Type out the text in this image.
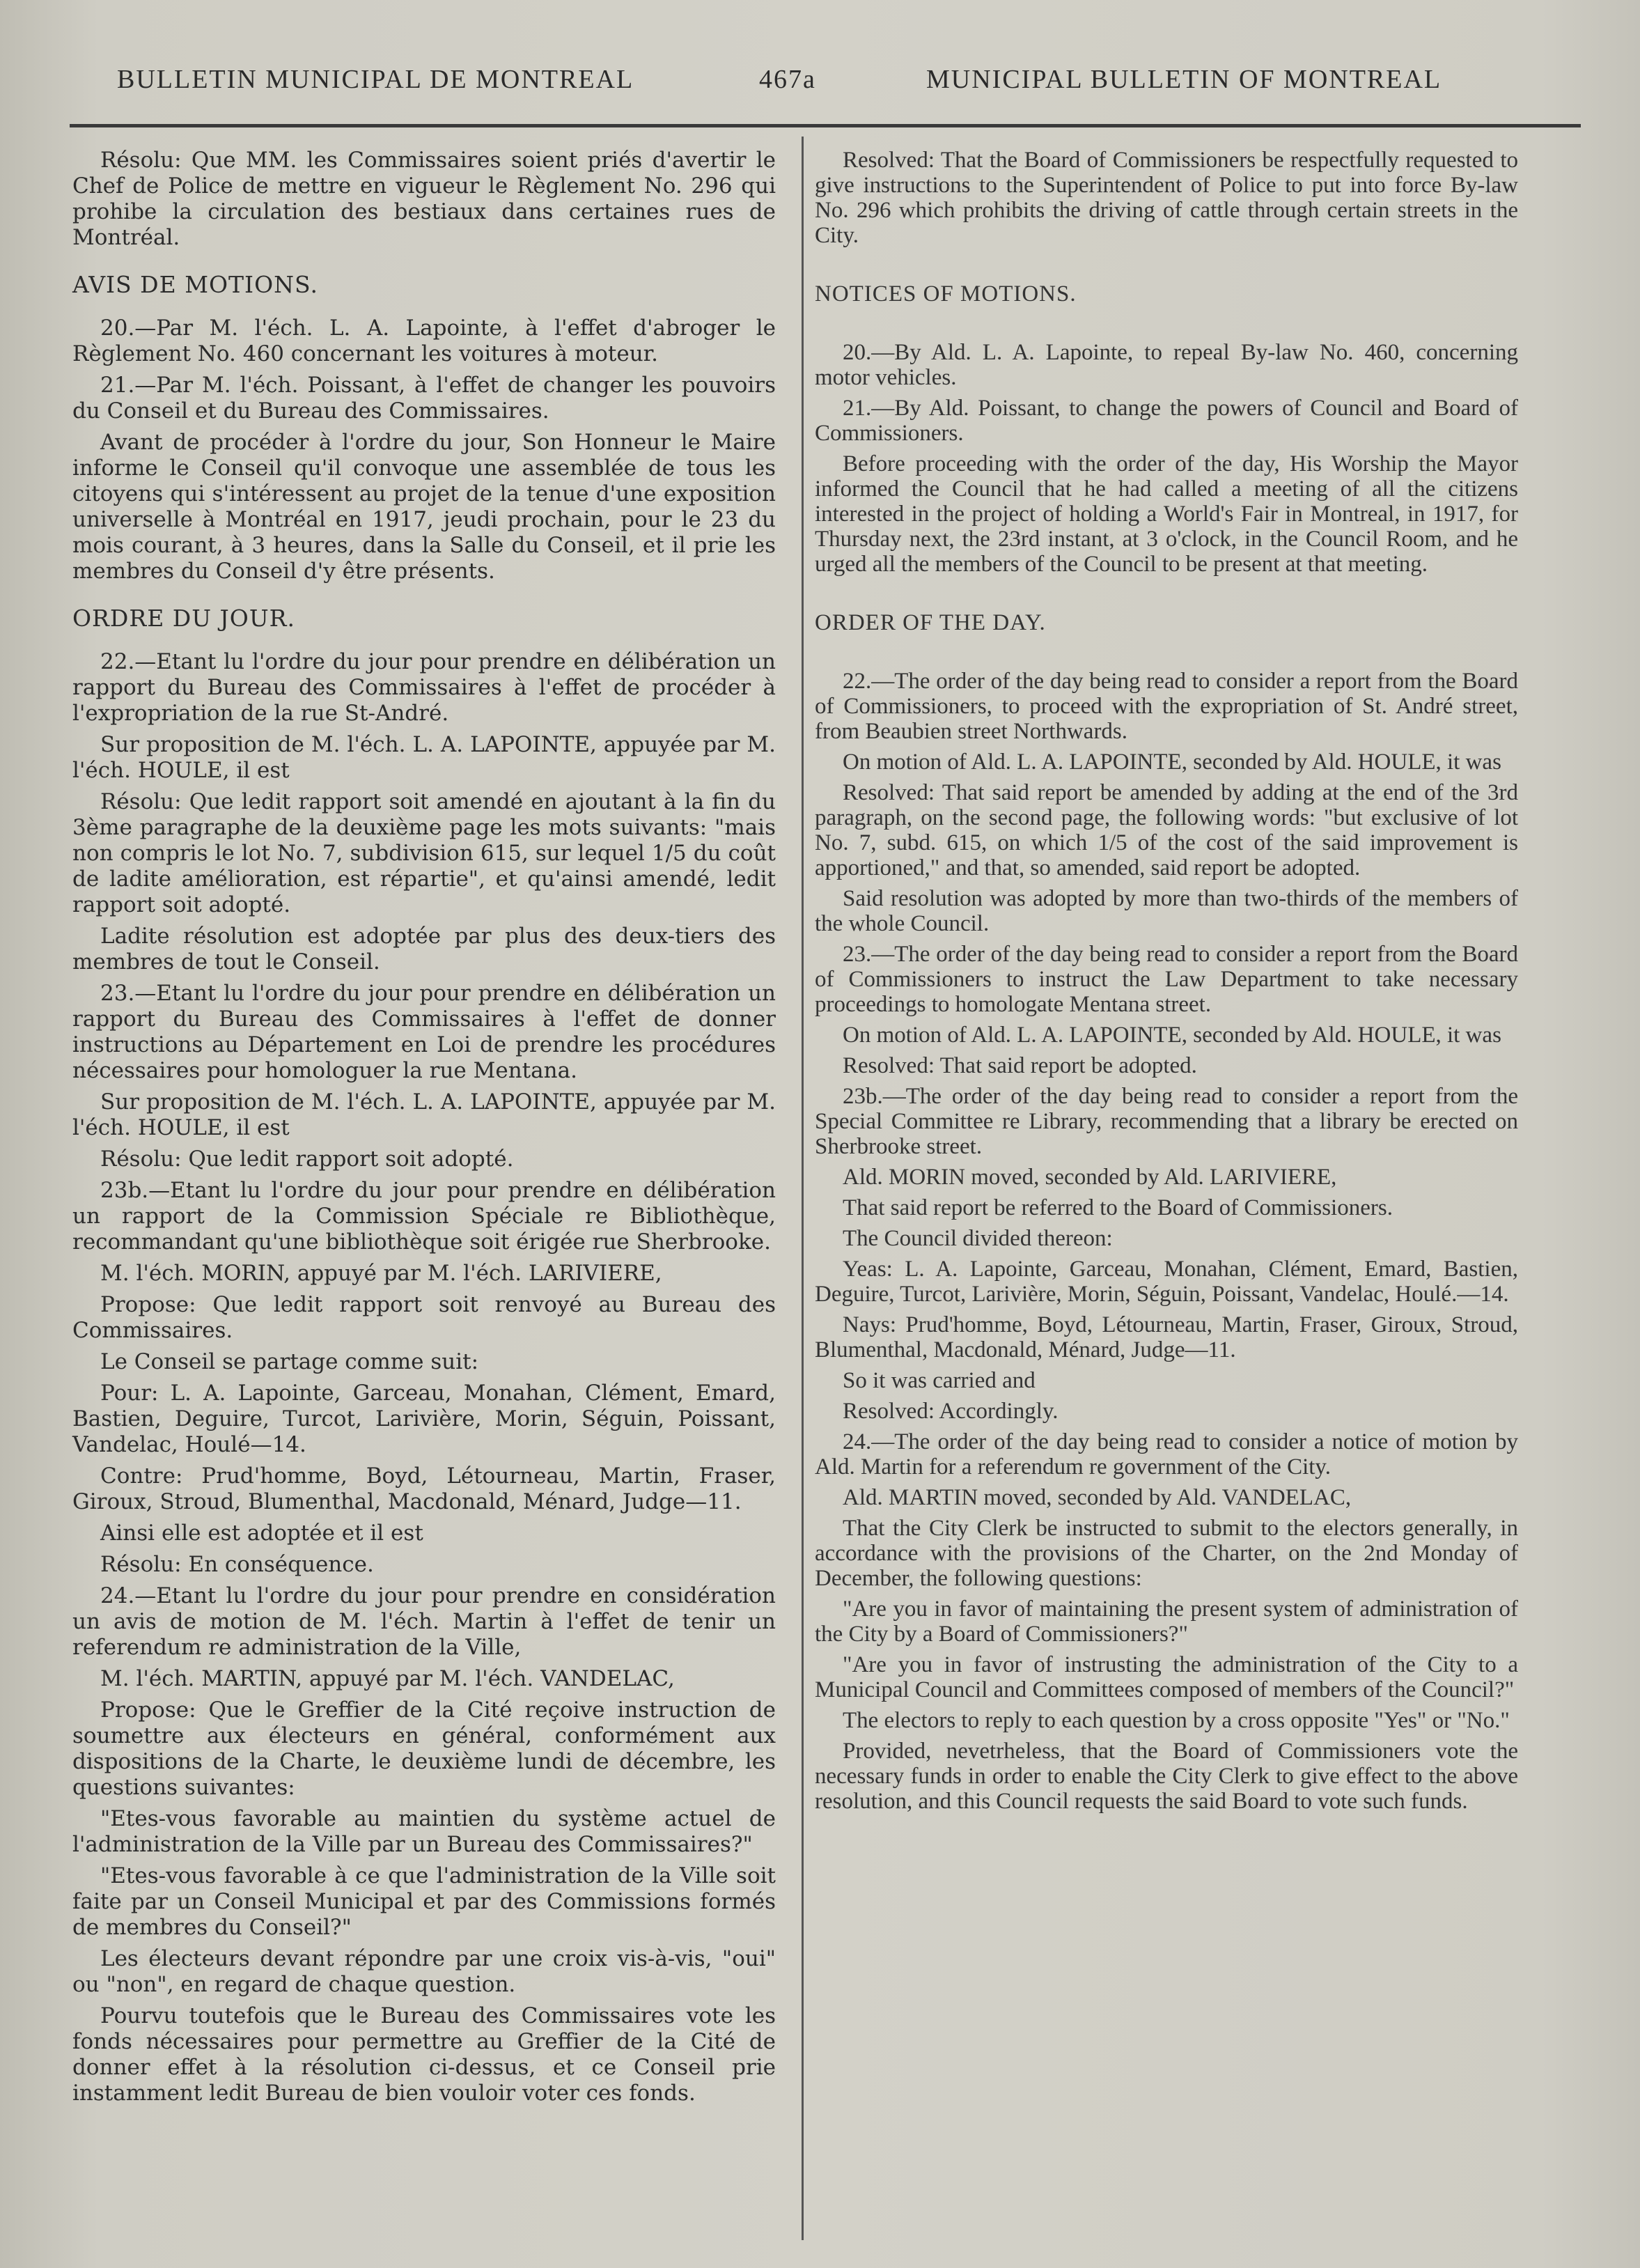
BULLETIN MUNICIPAL DE MONTREAL	467a	MUNICIPAL BULLETIN OF MONTREAL

Résolu: Que MM. les Commissaires soient priés d'avertir le Chef de Police de mettre en vigueur le Règlement No. 296 qui prohibe la circulation des bestiaux dans certaines rues de Montréal.

AVIS DE MOTIONS.

20.—Par M. l'éch. L. A. Lapointe, à l'effet d'abroger le Règlement No. 460 concernant les voitures à moteur.

21.—Par M. l'éch. Poissant, à l'effet de changer les pouvoirs du Conseil et du Bureau des Commissaires.

Avant de procéder à l'ordre du jour, Son Honneur le Maire informe le Conseil qu'il convoque une assemblée de tous les citoyens qui s'intéressent au projet de la tenue d'une exposition universelle à Montréal en 1917, jeudi prochain, pour le 23 du mois courant, à 3 heures, dans la Salle du Conseil, et il prie les membres du Conseil d'y être présents.

ORDRE DU JOUR.

22.—Etant lu l'ordre du jour pour prendre en délibération un rapport du Bureau des Commissaires à l'effet de procéder à l'expropriation de la rue St-André.

Sur proposition de M. l'éch. L. A. LAPOINTE, appuyée par M. l'éch. HOULE, il est

Résolu: Que ledit rapport soit amendé en ajoutant à la fin du 3ème paragraphe de la deuxième page les mots suivants: "mais non compris le lot No. 7, subdivision 615, sur lequel 1/5 du coût de ladite amélioration, est répartie", et qu'ainsi amendé, ledit rapport soit adopté.

Ladite résolution est adoptée par plus des deux-tiers des membres de tout le Conseil.

23.—Etant lu l'ordre du jour pour prendre en délibération un rapport du Bureau des Commissaires à l'effet de donner instructions au Département en Loi de prendre les procédures nécessaires pour homologuer la rue Mentana.

Sur proposition de M. l'éch. L. A. LAPOINTE, appuyée par M. l'éch. HOULE, il est

Résolu: Que ledit rapport soit adopté.

23b.—Etant lu l'ordre du jour pour prendre en délibération un rapport de la Commission Spéciale re Bibliothèque, recommandant qu'une bibliothèque soit érigée rue Sherbrooke.

M. l'éch. MORIN, appuyé par M. l'éch. LARIVIERE,

Propose: Que ledit rapport soit renvoyé au Bureau des Commissaires.

Le Conseil se partage comme suit:

Pour: L. A. Lapointe, Garceau, Monahan, Clément, Emard, Bastien, Deguire, Turcot, Larivière, Morin, Séguin, Poissant, Vandelac, Houlé—14.

Contre: Prud'homme, Boyd, Létourneau, Martin, Fraser, Giroux, Stroud, Blumenthal, Macdonald, Ménard, Judge—11.

Ainsi elle est adoptée et il est

Résolu: En conséquence.

24.—Etant lu l'ordre du jour pour prendre en considération un avis de motion de M. l'éch. Martin à l'effet de tenir un referendum re administration de la Ville,

M. l'éch. MARTIN, appuyé par M. l'éch. VANDELAC,

Propose: Que le Greffier de la Cité reçoive instruction de soumettre aux électeurs en général, conformément aux dispositions de la Charte, le deuxième lundi de décembre, les questions suivantes:

"Etes-vous favorable au maintien du système actuel de l'administration de la Ville par un Bureau des Commissaires?"

"Etes-vous favorable à ce que l'administration de la Ville soit faite par un Conseil Municipal et par des Commissions formés de membres du Conseil?"

Les électeurs devant répondre par une croix vis-à-vis, "oui" ou "non", en regard de chaque question.

Pourvu toutefois que le Bureau des Commissaires vote les fonds nécessaires pour permettre au Greffier de la Cité de donner effet à la résolution ci-dessus, et ce Conseil prie instamment ledit Bureau de bien vouloir voter ces fonds.

Resolved: That the Board of Commissioners be respectfully requested to give instructions to the Superintendent of Police to put into force By-law No. 296 which prohibits the driving of cattle through certain streets in the City.

NOTICES OF MOTIONS.

20.—By Ald. L. A. Lapointe, to repeal By-law No. 460, concerning motor vehicles.

21.—By Ald. Poissant, to change the powers of Council and Board of Commissioners.

Before proceeding with the order of the day, His Worship the Mayor informed the Council that he had called a meeting of all the citizens interested in the project of holding a World's Fair in Montreal, in 1917, for Thursday next, the 23rd instant, at 3 o'clock, in the Council Room, and he urged all the members of the Council to be present at that meeting.

ORDER OF THE DAY.

22.—The order of the day being read to consider a report from the Board of Commissioners, to proceed with the expropriation of St. André street, from Beaubien street Northwards.

On motion of Ald. L. A. LAPOINTE, seconded by Ald. HOULE, it was

Resolved: That said report be amended by adding at the end of the 3rd paragraph, on the second page, the following words: "but exclusive of lot No. 7, subd. 615, on which 1/5 of the cost of the said improvement is apportioned," and that, so amended, said report be adopted.

Said resolution was adopted by more than two-thirds of the members of the whole Council.

23.—The order of the day being read to consider a report from the Board of Commissioners to instruct the Law Department to take necessary proceedings to homologate Mentana street.

On motion of Ald. L. A. LAPOINTE, seconded by Ald. HOULE, it was

Resolved: That said report be adopted.

23b.—The order of the day being read to consider a report from the Special Committee re Library, recommending that a library be erected on Sherbrooke street.

Ald. MORIN moved, seconded by Ald. LARIVIERE,

That said report be referred to the Board of Commissioners.

The Council divided thereon:

Yeas: L. A. Lapointe, Garceau, Monahan, Clément, Emard, Bastien, Deguire, Turcot, Larivière, Morin, Séguin, Poissant, Vandelac, Houlé.—14.

Nays: Prud'homme, Boyd, Létourneau, Martin, Fraser, Giroux, Stroud, Blumenthal, Macdonald, Ménard, Judge—11.

So it was carried and

Resolved: Accordingly.

24.—The order of the day being read to consider a notice of motion by Ald. Martin for a referendum re government of the City.

Ald. MARTIN moved, seconded by Ald. VANDELAC,

That the City Clerk be instructed to submit to the electors generally, in accordance with the provisions of the Charter, on the 2nd Monday of December, the following questions:

"Are you in favor of maintaining the present system of administration of the City by a Board of Commissioners?"

"Are you in favor of instrusting the administration of the City to a Municipal Council and Committees composed of members of the Council?"

The electors to reply to each question by a cross opposite "Yes" or "No."

Provided, nevetrheless, that the Board of Commissioners vote the necessary funds in order to enable the City Clerk to give effect to the above resolution, and this Council requests the said Board to vote such funds.
